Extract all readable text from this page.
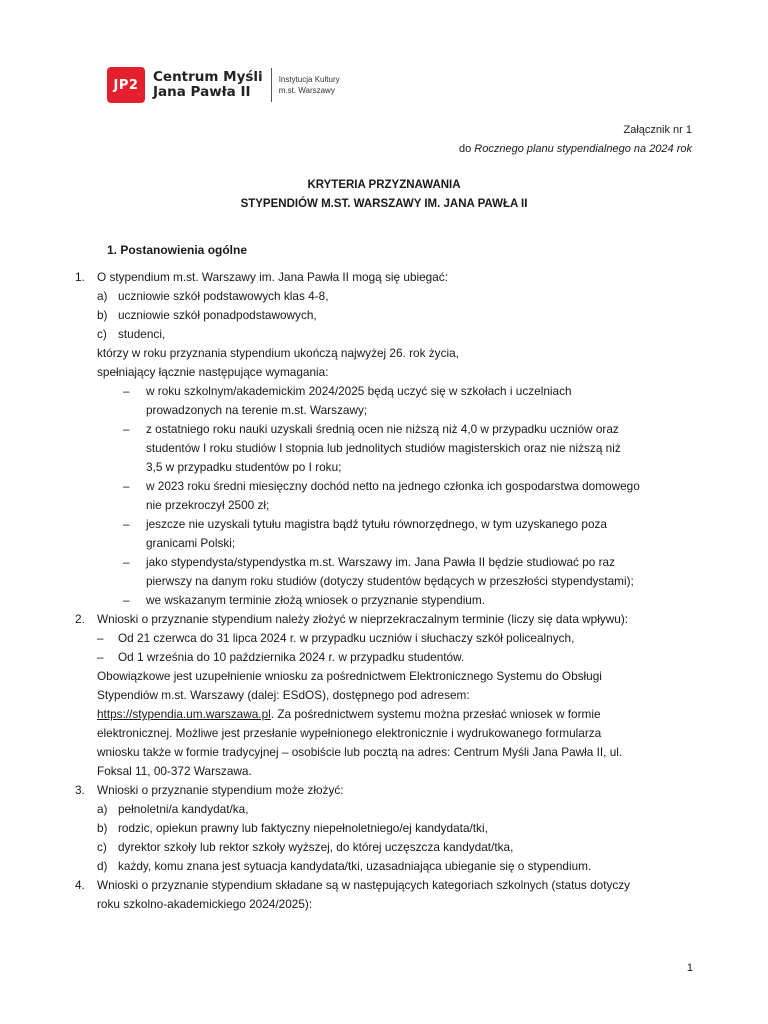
JP2	Centrum Myśli
Jana Pawła II
Instytucja Kultury
m.st. Warszawy
Załącznik nr 1
do Rocznego planu stypendialnego na 2024 rok
KRYTERIA PRZYZNAWANIA
STYPENDIÓW M.ST. WARSZAWY IM. JANA PAWŁA II
1. Postanowienia ogólne
1. O stypendium m.st. Warszawy im. Jana Pawła II mogą się ubiegać:
a) uczniowie szkół podstawowych klas 4-8,
b) uczniowie szkół ponadpodstawowych,
c) studenci,
którzy w roku przyznania stypendium ukończą najwyżej 26. rok życia,
spełniający łącznie następujące wymagania:
– w roku szkolnym/akademickim 2024/2025 będą uczyć się w szkołach i uczelniach
prowadzonych na terenie m.st. Warszawy;
– z ostatniego roku nauki uzyskali średnią ocen nie niższą niż 4,0 w przypadku uczniów oraz
studentów I roku studiów I stopnia lub jednolitych studiów magisterskich oraz nie niższą niż
3,5 w przypadku studentów po I roku;
– w 2023 roku średni miesięczny dochód netto na jednego członka ich gospodarstwa domowego
nie przekroczył 2500 zł;
– jeszcze nie uzyskali tytułu magistra bądź tytułu równorzędnego, w tym uzyskanego poza
granicami Polski;
– jako stypendysta/stypendystka m.st. Warszawy im. Jana Pawła II będzie studiować po raz
pierwszy na danym roku studiów (dotyczy studentów będących w przeszłości stypendystami);
– we wskazanym terminie złożą wniosek o przyznanie stypendium.
2. Wnioski o przyznanie stypendium należy złożyć w nieprzekraczalnym terminie (liczy się data wpływu):
– Od 21 czerwca do 31 lipca 2024 r. w przypadku uczniów i słuchaczy szkół policealnych,
– Od 1 września do 10 października 2024 r. w przypadku studentów.
Obowiązkowe jest uzupełnienie wniosku za pośrednictwem Elektronicznego Systemu do Obsługi
Stypendiów m.st. Warszawy (dalej: ESdOS), dostępnego pod adresem:
https://stypendia.um.warszawa.pl. Za pośrednictwem systemu można przesłać wniosek w formie
elektronicznej. Możliwe jest przesłanie wypełnionego elektronicznie i wydrukowanego formularza
wniosku także w formie tradycyjnej – osobiście lub pocztą na adres: Centrum Myśli Jana Pawła II, ul.
Foksal 11, 00-372 Warszawa.
3. Wnioski o przyznanie stypendium może złożyć:
a) pełnoletni/a kandydat/ka,
b) rodzic, opiekun prawny lub faktyczny niepełnoletniego/ej kandydata/tki,
c) dyrektor szkoły lub rektor szkoły wyższej, do której uczęszcza kandydat/tka,
d) każdy, komu znana jest sytuacja kandydata/tki, uzasadniająca ubieganie się o stypendium.
4. Wnioski o przyznanie stypendium składane są w następujących kategoriach szkolnych (status dotyczy
roku szkolno-akademickiego 2024/2025):
1
